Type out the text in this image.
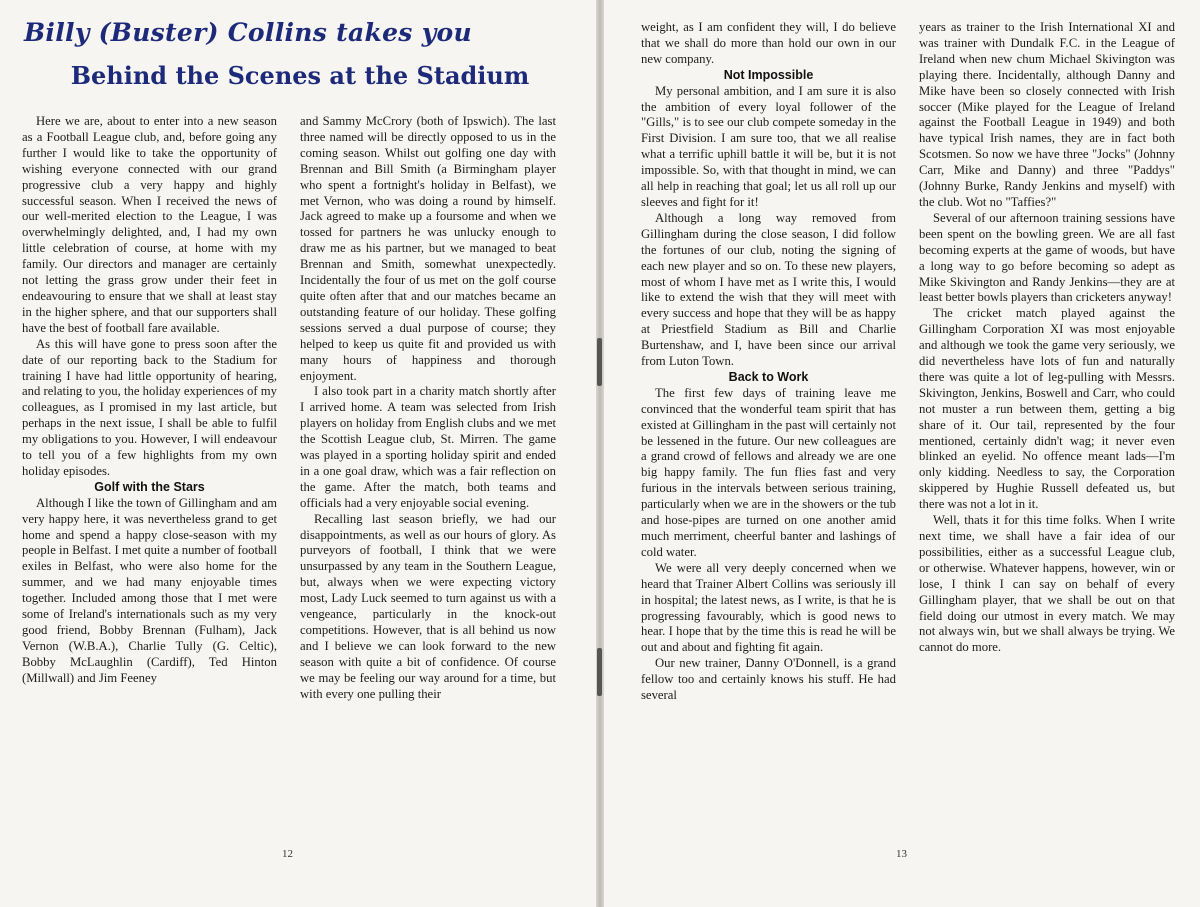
Billy (Buster) Collins takes you
Behind the Scenes at the Stadium

Here we are, about to enter into a new season as a Football League club, and, before going any further I would like to take the opportunity of wishing everyone connected with our grand progressive club a very happy and highly successful season. When I received the news of our well-merited election to the League, I was overwhelmingly delighted, and, I had my own little celebration of course, at home with my family. Our directors and manager are certainly not letting the grass grow under their feet in endeavouring to ensure that we shall at least stay in the higher sphere, and that our supporters shall have the best of football fare available.

As this will have gone to press soon after the date of our reporting back to the Stadium for training I have had little opportunity of hearing, and relating to you, the holiday experiences of my colleagues, as I promised in my last article, but perhaps in the next issue, I shall be able to fulfil my obligations to you. However, I will endeavour to tell you of a few highlights from my own holiday episodes.

Golf with the Stars

Although I like the town of Gillingham and am very happy here, it was nevertheless grand to get home and spend a happy close-season with my people in Belfast. I met quite a number of football exiles in Belfast, who were also home for the summer, and we had many enjoyable times together. Included among those that I met were some of Ireland's internationals such as my very good friend, Bobby Brennan (Fulham), Jack Vernon (W.B.A.), Charlie Tully (G. Celtic), Bobby McLaughlin (Cardiff), Ted Hinton (Millwall) and Jim Feeney

and Sammy McCrory (both of Ipswich). The last three named will be directly opposed to us in the coming season. Whilst out golfing one day with Brennan and Bill Smith (a Birmingham player who spent a fortnight's holiday in Belfast), we met Vernon, who was doing a round by himself. Jack agreed to make up a foursome and when we tossed for partners he was unlucky enough to draw me as his partner, but we managed to beat Brennan and Smith, somewhat unexpectedly. Incidentally the four of us met on the golf course quite often after that and our matches became an outstanding feature of our holiday. These golfing sessions served a dual purpose of course; they helped to keep us quite fit and provided us with many hours of happiness and thorough enjoyment.

I also took part in a charity match shortly after I arrived home. A team was selected from Irish players on holiday from English clubs and we met the Scottish League club, St. Mirren. The game was played in a sporting holiday spirit and ended in a one goal draw, which was a fair reflection on the game. After the match, both teams and officials had a very enjoyable social evening.

Recalling last season briefly, we had our disappointments, as well as our hours of glory. As purveyors of football, I think that we were unsurpassed by any team in the Southern League, but, always when we were expecting victory most, Lady Luck seemed to turn against us with a vengeance, particularly in the knock-out competitions. However, that is all behind us now and I believe we can look forward to the new season with quite a bit of confidence. Of course we may be feeling our way around for a time, but with every one pulling their

12

weight, as I am confident they will, I do believe that we shall do more than hold our own in our new company.

Not Impossible

My personal ambition, and I am sure it is also the ambition of every loyal follower of the "Gills," is to see our club compete someday in the First Division. I am sure too, that we all realise what a terrific uphill battle it will be, but it is not impossible. So, with that thought in mind, we can all help in reaching that goal; let us all roll up our sleeves and fight for it!

Although a long way removed from Gillingham during the close season, I did follow the fortunes of our club, noting the signing of each new player and so on. To these new players, most of whom I have met as I write this, I would like to extend the wish that they will meet with every success and hope that they will be as happy at Priestfield Stadium as Bill and Charlie Burtenshaw, and I, have been since our arrival from Luton Town.

Back to Work

The first few days of training leave me convinced that the wonderful team spirit that has existed at Gillingham in the past will certainly not be lessened in the future. Our new colleagues are a grand crowd of fellows and already we are one big happy family. The fun flies fast and very furious in the intervals between serious training, particularly when we are in the showers or the tub and hose-pipes are turned on one another amid much merriment, cheerful banter and lashings of cold water.

We were all very deeply concerned when we heard that Trainer Albert Collins was seriously ill in hospital; the latest news, as I write, is that he is progressing favourably, which is good news to hear. I hope that by the time this is read he will be out and about and fighting fit again.

Our new trainer, Danny O'Donnell, is a grand fellow too and certainly knows his stuff. He had several

years as trainer to the Irish International XI and was trainer with Dundalk F.C. in the League of Ireland when new chum Michael Skivington was playing there. Incidentally, although Danny and Mike have been so closely connected with Irish soccer (Mike played for the League of Ireland against the Football League in 1949) and both have typical Irish names, they are in fact both Scotsmen. So now we have three "Jocks" (Johnny Carr, Mike and Danny) and three "Paddys" (Johnny Burke, Randy Jenkins and myself) with the club. Wot no "Taffies?"

Several of our afternoon training sessions have been spent on the bowling green. We are all fast becoming experts at the game of woods, but have a long way to go before becoming so adept as Mike Skivington and Randy Jenkins—they are at least better bowls players than cricketers anyway!

The cricket match played against the Gillingham Corporation XI was most enjoyable and although we took the game very seriously, we did nevertheless have lots of fun and naturally there was quite a lot of leg-pulling with Messrs. Skivington, Jenkins, Boswell and Carr, who could not muster a run between them, getting a big share of it. Our tail, represented by the four mentioned, certainly didn't wag; it never even blinked an eyelid. No offence meant lads—I'm only kidding. Needless to say, the Corporation skippered by Hughie Russell defeated us, but there was not a lot in it.

Well, thats it for this time folks. When I write next time, we shall have a fair idea of our possibilities, either as a successful League club, or otherwise. Whatever happens, however, win or lose, I think I can say on behalf of every Gillingham player, that we shall be out on that field doing our utmost in every match. We may not always win, but we shall always be trying. We cannot do more.

13
